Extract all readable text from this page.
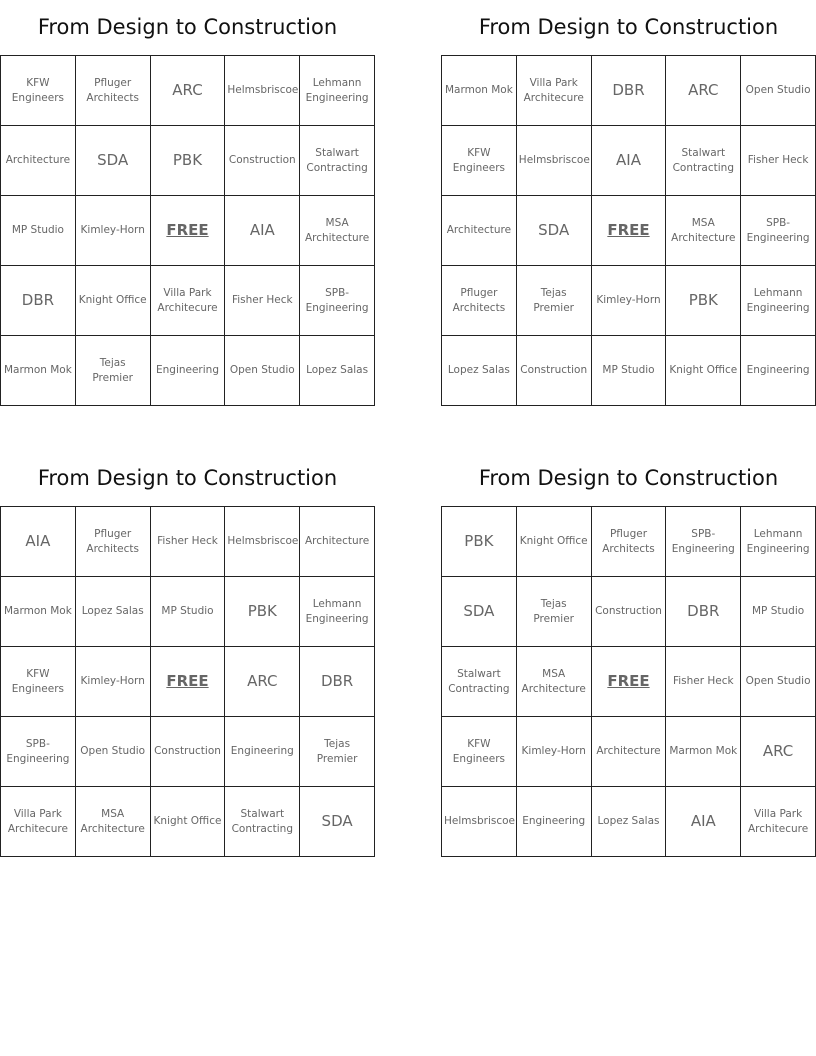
From Design to Construction
KFW Engineers	Pfluger Architects	ARC	Helmsbriscoe	Lehmann Engineering
Architecture	SDA	PBK	Construction	Stalwart Contracting
MP Studio	Kimley-Horn	FREE	AIA	MSA Architecture
DBR	Knight Office	Villa Park Architecure	Fisher Heck	SPB-Engineering
Marmon Mok	Tejas Premier	Engineering	Open Studio	Lopez Salas
From Design to Construction
Marmon Mok	Villa Park Architecure	DBR	ARC	Open Studio
KFW Engineers	Helmsbriscoe	AIA	Stalwart Contracting	Fisher Heck
Architecture	SDA	FREE	MSA Architecture	SPB-Engineering
Pfluger Architects	Tejas Premier	Kimley-Horn	PBK	Lehmann Engineering
Lopez Salas	Construction	MP Studio	Knight Office	Engineering
From Design to Construction
AIA	Pfluger Architects	Fisher Heck	Helmsbriscoe	Architecture
Marmon Mok	Lopez Salas	MP Studio	PBK	Lehmann Engineering
KFW Engineers	Kimley-Horn	FREE	ARC	DBR
SPB-Engineering	Open Studio	Construction	Engineering	Tejas Premier
Villa Park Architecure	MSA Architecture	Knight Office	Stalwart Contracting	SDA
From Design to Construction
PBK	Knight Office	Pfluger Architects	SPB-Engineering	Lehmann Engineering
SDA	Tejas Premier	Construction	DBR	MP Studio
Stalwart Contracting	MSA Architecture	FREE	Fisher Heck	Open Studio
KFW Engineers	Kimley-Horn	Architecture	Marmon Mok	ARC
Helmsbriscoe	Engineering	Lopez Salas	AIA	Villa Park Architecure
